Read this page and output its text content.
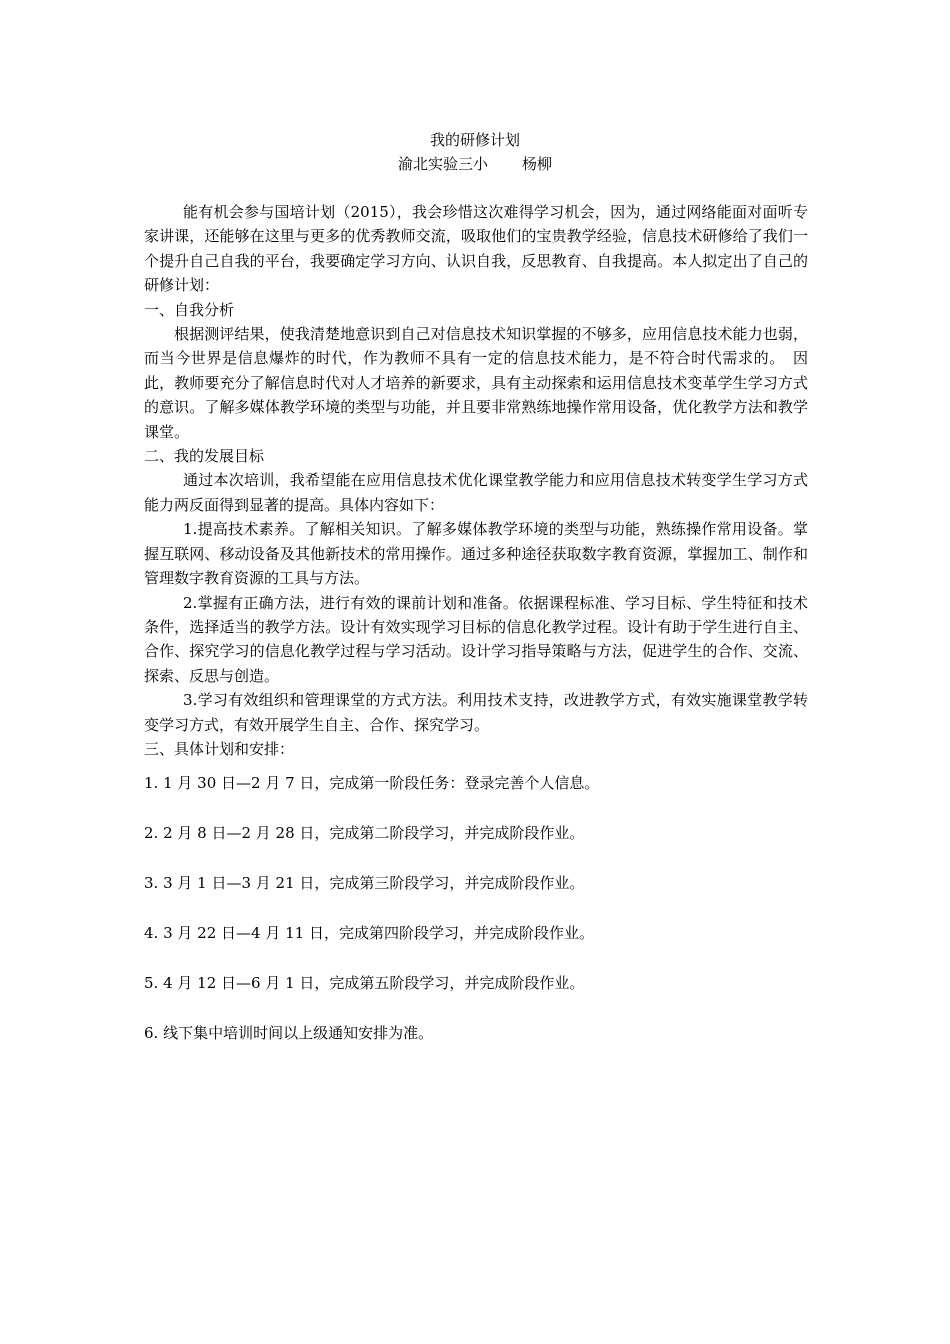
我的研修计划
渝北实验三小 杨柳

能有机会参与国培计划（2015），我会珍惜这次难得学习机会，因为，通过网络能面对面听专家讲课，还能够在这里与更多的优秀教师交流，吸取他们的宝贵教学经验，信息技术研修给了我们一个提升自己自我的平台，我要确定学习方向、认识自我，反思教育、自我提高。本人拟定出了自己的研修计划：

一、自我分析

根据测评结果，使我清楚地意识到自己对信息技术知识掌握的不够多，应用信息技术能力也弱，而当今世界是信息爆炸的时代，作为教师不具有一定的信息技术能力，是不符合时代需求的。　因此，教师要充分了解信息时代对人才培养的新要求，具有主动探索和运用信息技术变革学生学习方式的意识。了解多媒体教学环境的类型与功能，并且要非常熟练地操作常用设备，优化教学方法和教学课堂。

二、我的发展目标

通过本次培训，我希望能在应用信息技术优化课堂教学能力和应用信息技术转变学生学习方式能力两反面得到显著的提高。具体内容如下：

1.提高技术素养。了解相关知识。了解多媒体教学环境的类型与功能，熟练操作常用设备。掌握互联网、移动设备及其他新技术的常用操作。通过多种途径获取数字教育资源，掌握加工、制作和管理数字教育资源的工具与方法。

2.掌握有正确方法，进行有效的课前计划和准备。依据课程标准、学习目标、学生特征和技术条件，选择适当的教学方法。设计有效实现学习目标的信息化教学过程。设计有助于学生进行自主、合作、探究学习的信息化教学过程与学习活动。设计学习指导策略与方法，促进学生的合作、交流、探索、反思与创造。

3.学习有效组织和管理课堂的方式方法。利用技术支持，改进教学方式，有效实施课堂教学转变学习方式，有效开展学生自主、合作、探究学习。

三、具体计划和安排：

1. 1 月 30 日—2 月 7 日，完成第一阶段任务：登录完善个人信息。

2. 2 月 8 日—2 月 28 日，完成第二阶段学习，并完成阶段作业。

3. 3 月 1 日—3 月 21 日，完成第三阶段学习，并完成阶段作业。

4. 3 月 22 日—4 月 11 日，完成第四阶段学习，并完成阶段作业。

5. 4 月 12 日—6 月 1 日，完成第五阶段学习，并完成阶段作业。

6. 线下集中培训时间以上级通知安排为准。
